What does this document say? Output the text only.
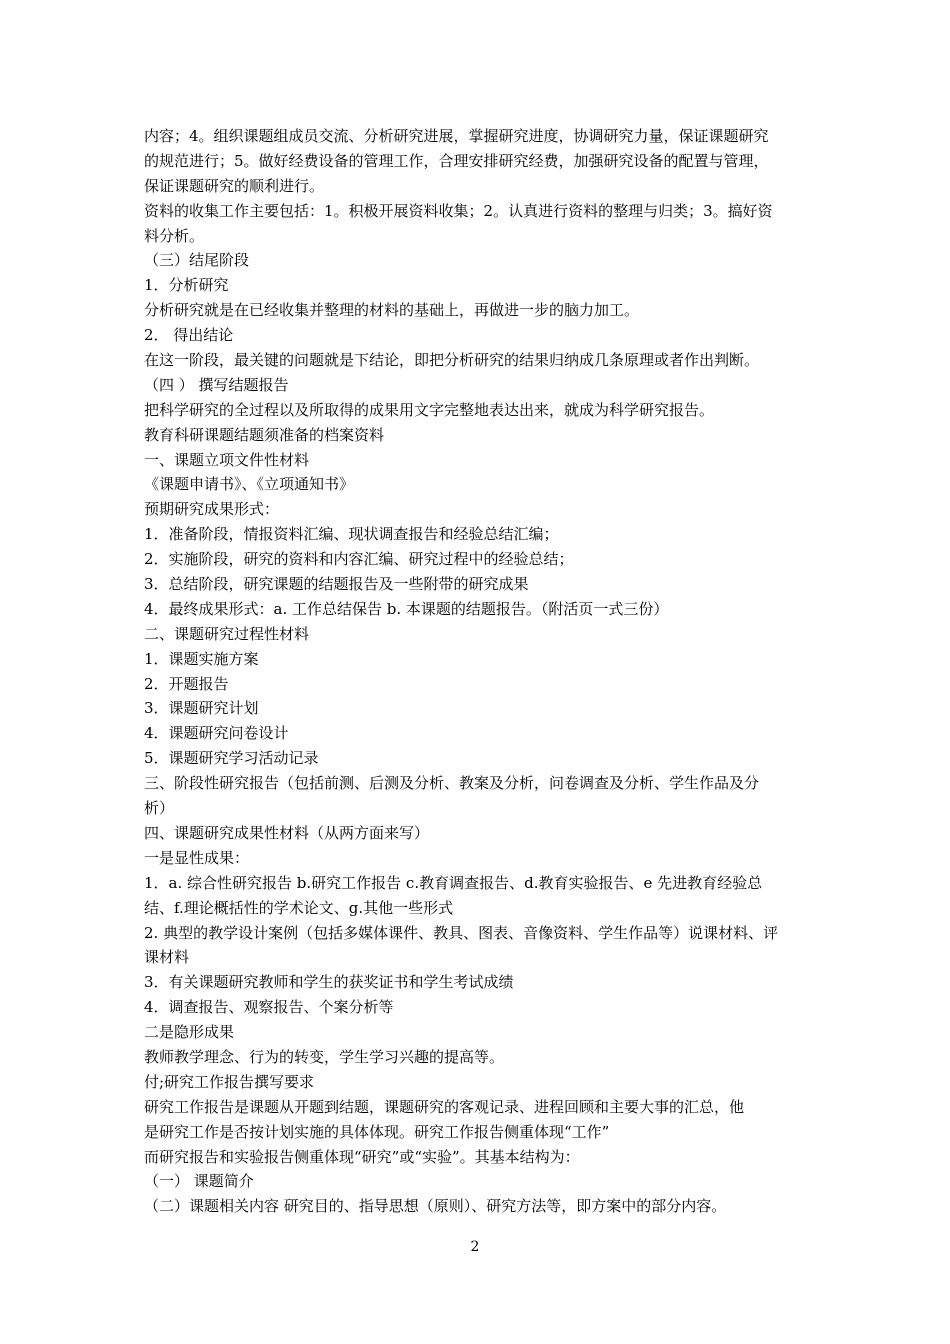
内容；4。组织课题组成员交流、分析研究进展，掌握研究进度，协调研究力量，保证课题研究
的规范进行；5。做好经费设备的管理工作，合理安排研究经费，加强研究设备的配置与管理，
保证课题研究的顺利进行。
资料的收集工作主要包括：1。积极开展资料收集；2。认真进行资料的整理与归类；3。搞好资
料分析。
（三）结尾阶段
1．分析研究
分析研究就是在已经收集并整理的材料的基础上，再做进一步的脑力加工。
2． 得出结论
在这一阶段，最关键的问题就是下结论，即把分析研究的结果归纳成几条原理或者作出判断。
（四 ） 撰写结题报告
把科学研究的全过程以及所取得的成果用文字完整地表达出来，就成为科学研究报告。
教育科研课题结题须准备的档案资料
一、课题立项文件性材料
《课题申请书》、《立项通知书》
预期研究成果形式：
1．准备阶段，情报资料汇编、现状调查报告和经验总结汇编；
2．实施阶段，研究的资料和内容汇编、研究过程中的经验总结；
3．总结阶段，研究课题的结题报告及一些附带的研究成果
4．最终成果形式：a. 工作总结保告 b. 本课题的结题报告。（附活页一式三份）
二、课题研究过程性材料
1．课题实施方案
2．开题报告
3．课题研究计划
4．课题研究问卷设计
5．课题研究学习活动记录
三、阶段性研究报告（包括前测、后测及分析、教案及分析，问卷调查及分析、学生作品及分
析）
四、课题研究成果性材料（从两方面来写）
一是显性成果：
1．a. 综合性研究报告 b.研究工作报告 c.教育调查报告、d.教育实验报告、e 先进教育经验总
结、f.理论概括性的学术论文、g.其他一些形式
2. 典型的教学设计案例（包括多媒体课件、教具、图表、音像资料、学生作品等）说课材料、评
课材料
3．有关课题研究教师和学生的获奖证书和学生考试成绩
4．调查报告、观察报告、个案分析等
二是隐形成果
教师教学理念、行为的转变，学生学习兴趣的提高等。
付;研究工作报告撰写要求
研究工作报告是课题从开题到结题，课题研究的客观记录、进程回顾和主要大事的汇总，他
是研究工作是否按计划实施的具体体现。研究工作报告侧重体现“工作”
而研究报告和实验报告侧重体现“研究”或“实验”。其基本结构为：
（一） 课题简介
（二）课题相关内容 研究目的、指导思想（原则）、研究方法等，即方案中的部分内容。
2
